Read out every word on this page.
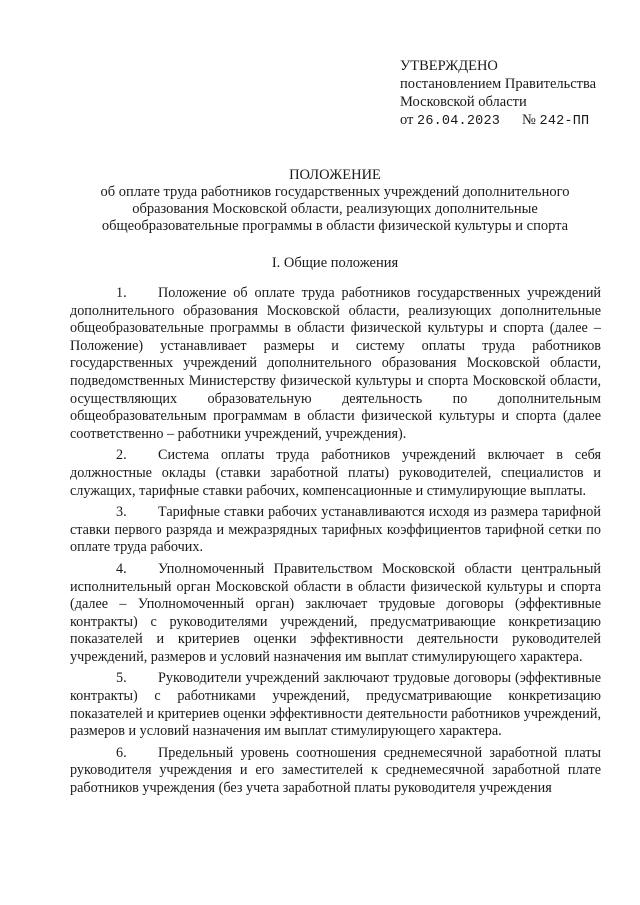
УТВЕРЖДЕНО
постановлением Правительства
Московской области
от 26.04.2023 № 242-ПП
ПОЛОЖЕНИЕ
об оплате труда работников государственных учреждений дополнительного образования Московской области, реализующих дополнительные общеобразовательные программы в области физической культуры и спорта
I. Общие положения

1. Положение об оплате труда работников государственных учреждений дополнительного образования Московской области, реализующих дополнительные общеобразовательные программы в области физической культуры и спорта (далее – Положение) устанавливает размеры и систему оплаты труда работников государственных учреждений дополнительного образования Московской области, подведомственных Министерству физической культуры и спорта Московской области, осуществляющих образовательную деятельность по дополнительным общеобразовательным программам в области физической культуры и спорта (далее соответственно – работники учреждений, учреждения).

2. Система оплаты труда работников учреждений включает в себя должностные оклады (ставки заработной платы) руководителей, специалистов и служащих, тарифные ставки рабочих, компенсационные и стимулирующие выплаты.

3. Тарифные ставки рабочих устанавливаются исходя из размера тарифной ставки первого разряда и межразрядных тарифных коэффициентов тарифной сетки по оплате труда рабочих.

4. Уполномоченный Правительством Московской области центральный исполнительный орган Московской области в области физической культуры и спорта (далее – Уполномоченный орган) заключает трудовые договоры (эффективные контракты) с руководителями учреждений, предусматривающие конкретизацию показателей и критериев оценки эффективности деятельности руководителей учреждений, размеров и условий назначения им выплат стимулирующего характера.

5. Руководители учреждений заключают трудовые договоры (эффективные контракты) с работниками учреждений, предусматривающие конкретизацию показателей и критериев оценки эффективности деятельности работников учреждений, размеров и условий назначения им выплат стимулирующего характера.

6. Предельный уровень соотношения среднемесячной заработной платы руководителя учреждения и его заместителей к среднемесячной заработной плате работников учреждения (без учета заработной платы руководителя учреждения
